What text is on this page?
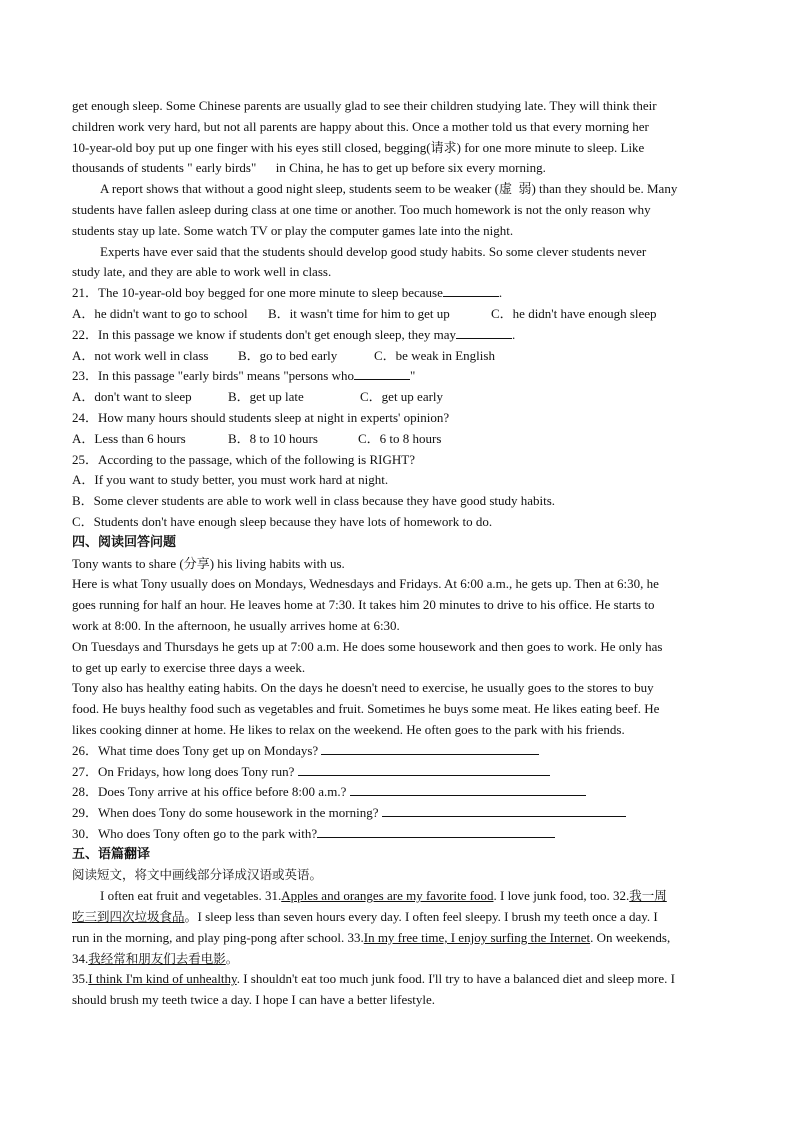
get enough sleep. Some Chinese parents are usually glad to see their children studying late. They will think their

children work very hard, but not all parents are happy about this. Once a mother told us that every morning her

10-year-old boy put up one finger with his eyes still closed, begging(请求) for one more minute to sleep. Like

thousands of students " early birds"      in China, he has to get up before six every morning.

A report shows that without a good night sleep, students seem to be weaker (虚  弱) than they should be. Many

students have fallen asleep during class at one time or another. Too much homework is not the only reason why

students stay up late. Some watch TV or play the computer games late into the night.

Experts have ever said that the students should develop good study habits. So some clever students never

study late, and they are able to work well in class.

21．The 10-year-old boy begged for one more minute to sleep because	.

A．he didn't want to go to school B．it wasn't time for him to get up	C．he didn't have enough sleep

22．In this passage we know if students don't get enough sleep, they may	.

A．not work well in class B．go to bed early	C．be weak in English

23．In this passage "early birds" means "persons who	"

A．don't want to sleep	B．get up late	C．get up early

24．How many hours should students sleep at night in experts' opinion?

A．Less than 6 hours	B．8 to 10 hours	C．6 to 8 hours

25．According to the passage, which of the following is RIGHT?

A．If you want to study better, you must work hard at night.

B．Some clever students are able to work well in class because they have good study habits.

C．Students don't have enough sleep because they have lots of homework to do.

四、阅读回答问题

Tony wants to share (分享) his living habits with us.

Here is what Tony usually does on Mondays, Wednesdays and Fridays. At 6:00 a.m., he gets up. Then at 6:30, he

goes running for half an hour. He leaves home at 7:30. It takes him 20 minutes to drive to his office. He starts to

work at 8:00. In the afternoon, he usually arrives home at 6:30.

On Tuesdays and Thursdays he gets up at 7:00 a.m. He does some housework and then goes to work. He only has

to get up early to exercise three days a week.

Tony also has healthy eating habits. On the days he doesn't need to exercise, he usually goes to the stores to buy

food. He buys healthy food such as vegetables and fruit. Sometimes he buys some meat. He likes eating beef. He

likes cooking dinner at home. He likes to relax on the weekend. He often goes to the park with his friends.

26．What time does Tony get up on Mondays?

27．On Fridays, how long does Tony run?

28．Does Tony arrive at his office before 8:00 a.m.?

29．When does Tony do some housework in the morning?

30．Who does Tony often go to the park with?

五、语篇翻译

阅读短文，将文中画线部分译成汉语或英语。

I often eat fruit and vegetables. 31.Apples and oranges are my favorite food. I love junk food, too. 32.我一周

吃三到四次垃圾食品。I sleep less than seven hours every day. I often feel sleepy. I brush my teeth once a day. I

run in the morning, and play ping-pong after school. 33.In my free time, I enjoy surfing the Internet. On weekends,

34.我经常和朋友们去看电影。

35.I think I'm kind of unhealthy. I shouldn't eat too much junk food. I'll try to have a balanced diet and sleep more. I

should brush my teeth twice a day. I hope I can have a better lifestyle.
